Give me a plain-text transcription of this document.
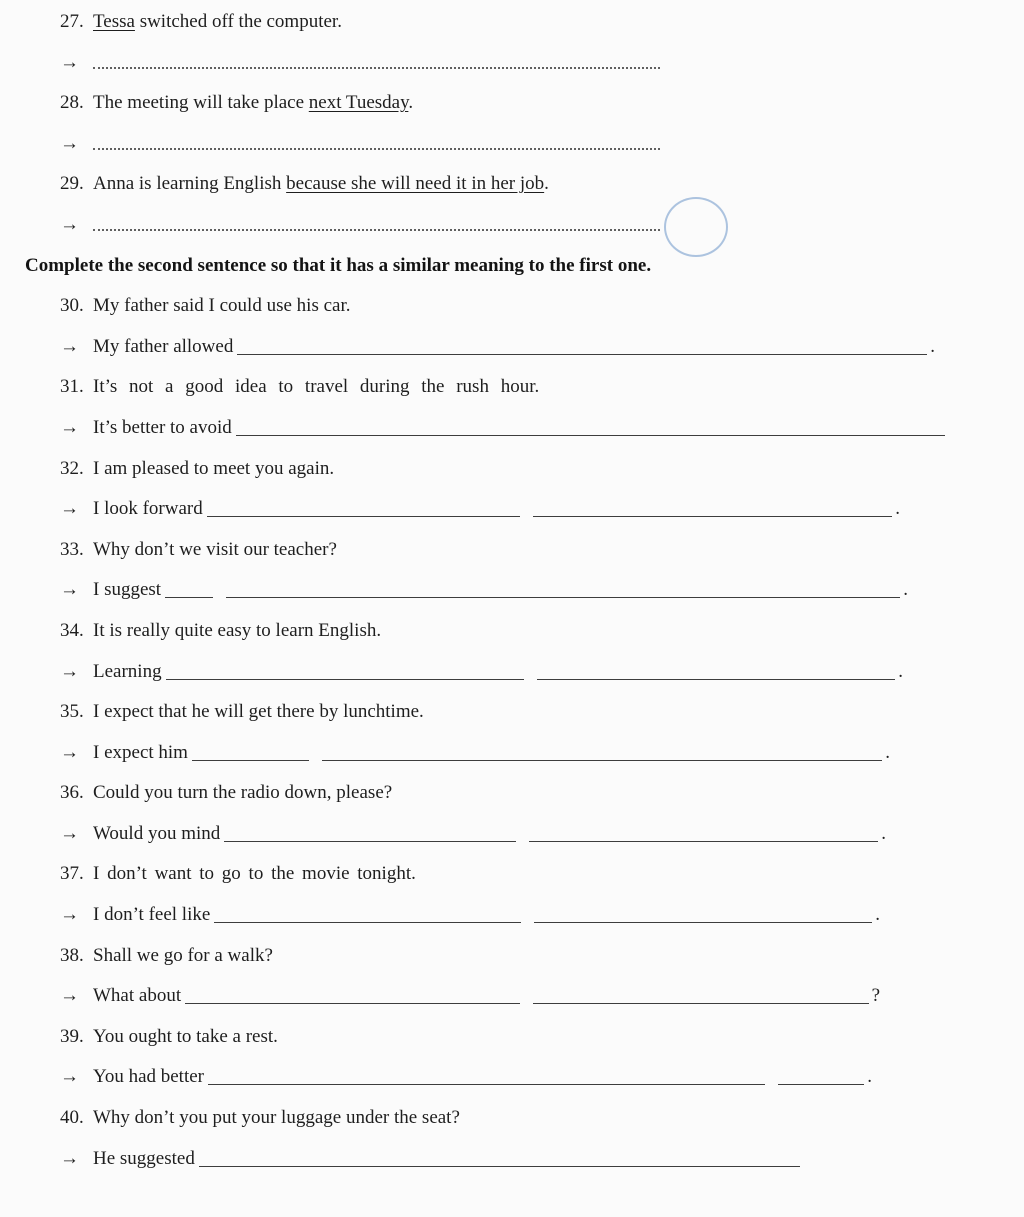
27. Tessa switched off the computer.
→
28. The meeting will take place next Tuesday.
→
29. Anna is learning English because she will need it in her job.
→
Complete the second sentence so that it has a similar meaning to the first one.
30. My father said I could use his car.
→ My father allowed	.
31. It’s not a good idea to travel during the rush hour.
→ It’s better to avoid
32. I am pleased to meet you again.
→ I look forward	.
33. Why don’t we visit our teacher?
→ I suggest	.
34. It is really quite easy to learn English.
→ Learning	.
35. I expect that he will get there by lunchtime.
→ I expect him	.
36. Could you turn the radio down, please?
→ Would you mind	.
37. I don’t want to go to the movie tonight.
→ I don’t feel like	.
38. Shall we go for a walk?
→ What about	?
39. You ought to take a rest.
→ You had better	.
40. Why don’t you put your luggage under the seat?
→ He suggested
